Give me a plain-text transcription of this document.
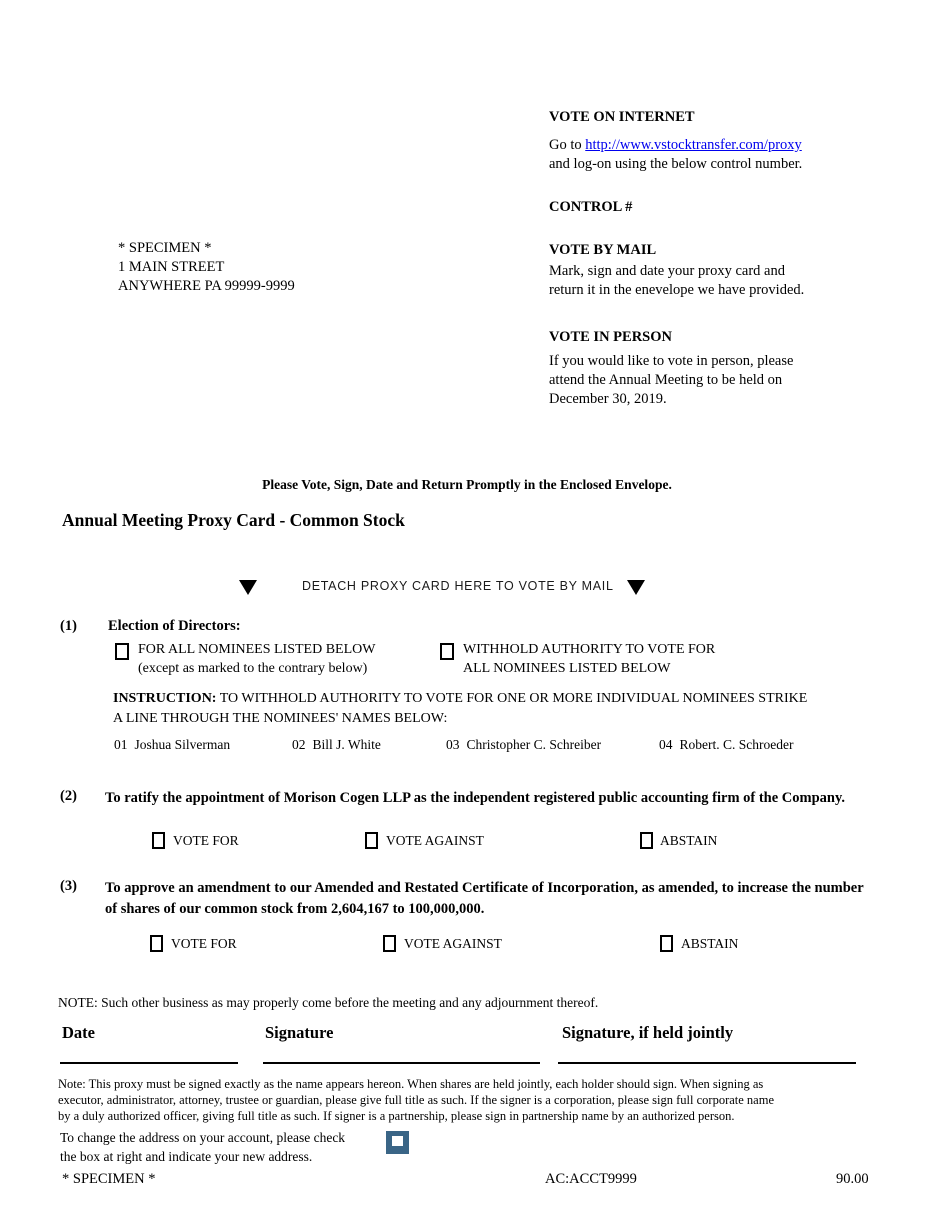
VOTE ON INTERNET
Go to http://www.vstocktransfer.com/proxy
and log-on using the below control number.
CONTROL #
* SPECIMEN *
1 MAIN STREET
ANYWHERE PA 99999-9999
VOTE BY MAIL
Mark, sign and date your proxy card and
return it in the enevelope we have provided.
VOTE IN PERSON
If you would like to vote in person, please
attend the Annual Meeting to be held on
December 30, 2019.
Please Vote, Sign, Date and Return Promptly in the Enclosed Envelope.
Annual Meeting Proxy Card - Common Stock
DETACH PROXY CARD HERE TO VOTE BY MAIL
(1) Election of Directors:
FOR ALL NOMINEES LISTED BELOW
(except as marked to the contrary below)
WITHHOLD AUTHORITY TO VOTE FOR
ALL NOMINEES LISTED BELOW
INSTRUCTION: TO WITHHOLD AUTHORITY TO VOTE FOR ONE OR MORE INDIVIDUAL NOMINEES STRIKE
A LINE THROUGH THE NOMINEES' NAMES BELOW:
01 Joshua Silverman	02 Bill J. White	03 Christopher C. Schreiber	04 Robert. C. Schroeder
(2) To ratify the appointment of Morison Cogen LLP as the independent registered public accounting firm of the Company.
VOTE FOR	VOTE AGAINST	ABSTAIN
(3) To approve an amendment to our Amended and Restated Certificate of Incorporation, as amended, to increase the number
of shares of our common stock from 2,604,167 to 100,000,000.
VOTE FOR	VOTE AGAINST	ABSTAIN
NOTE: Such other business as may properly come before the meeting and any adjournment thereof.
Date	Signature	Signature, if held jointly
Note: This proxy must be signed exactly as the name appears hereon. When shares are held jointly, each holder should sign. When signing as
executor, administrator, attorney, trustee or guardian, please give full title as such. If the signer is a corporation, please sign full corporate name
by a duly authorized officer, giving full title as such. If signer is a partnership, please sign in partnership name by an authorized person.
To change the address on your account, please check
the box at right and indicate your new address.
* SPECIMEN *	AC:ACCT9999	90.00
